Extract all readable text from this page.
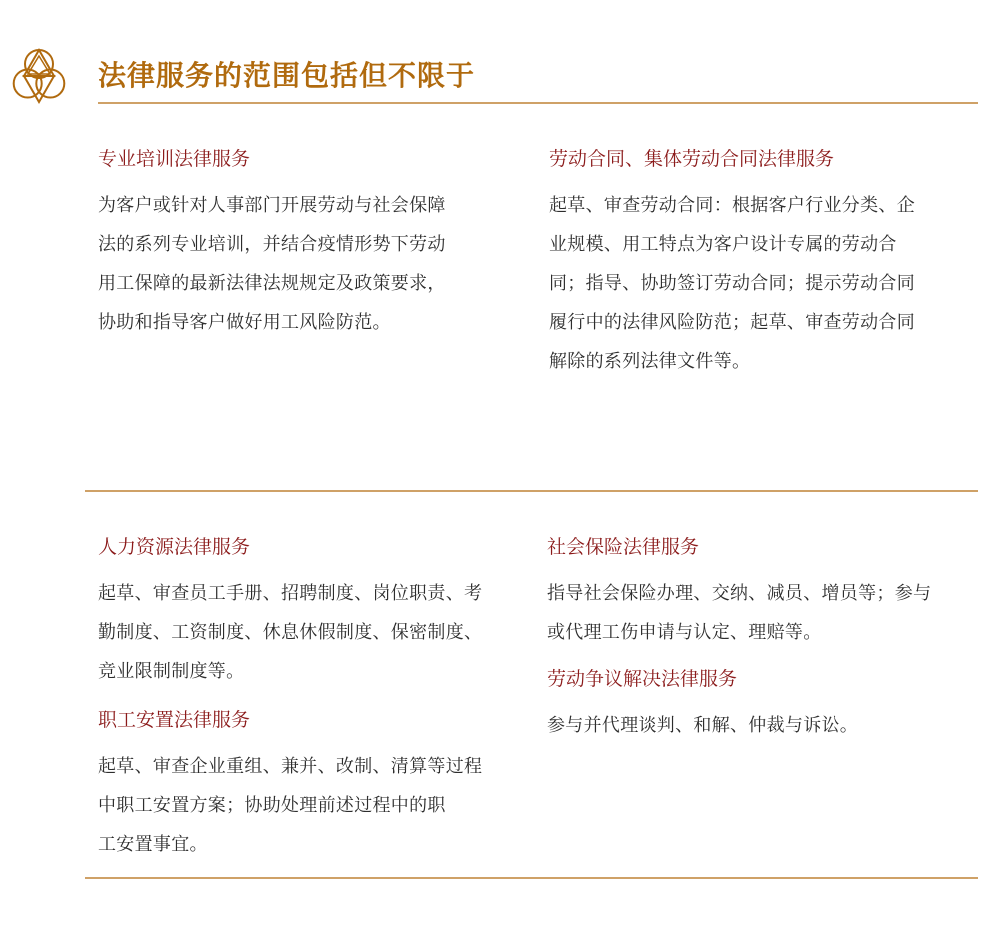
法律服务的范围包括但不限于
专业培训法律服务

为客户或针对人事部门开展劳动与社会保障
法的系列专业培训，并结合疫情形势下劳动
用工保障的最新法律法规规定及政策要求，
协助和指导客户做好用工风险防范。

劳动合同、集体劳动合同法律服务

起草、审查劳动合同：根据客户行业分类、企
业规模、用工特点为客户设计专属的劳动合
同；指导、协助签订劳动合同；提示劳动合同
履行中的法律风险防范；起草、审查劳动合同
解除的系列法律文件等。

人力资源法律服务

起草、审查员工手册、招聘制度、岗位职责、考
勤制度、工资制度、休息休假制度、保密制度、
竞业限制制度等。

社会保险法律服务

指导社会保险办理、交纳、减员、增员等；参与
或代理工伤申请与认定、理赔等。

职工安置法律服务

起草、审查企业重组、兼并、改制、清算等过程
中职工安置方案；协助处理前述过程中的职
工安置事宜。

劳动争议解决法律服务

参与并代理谈判、和解、仲裁与诉讼。
